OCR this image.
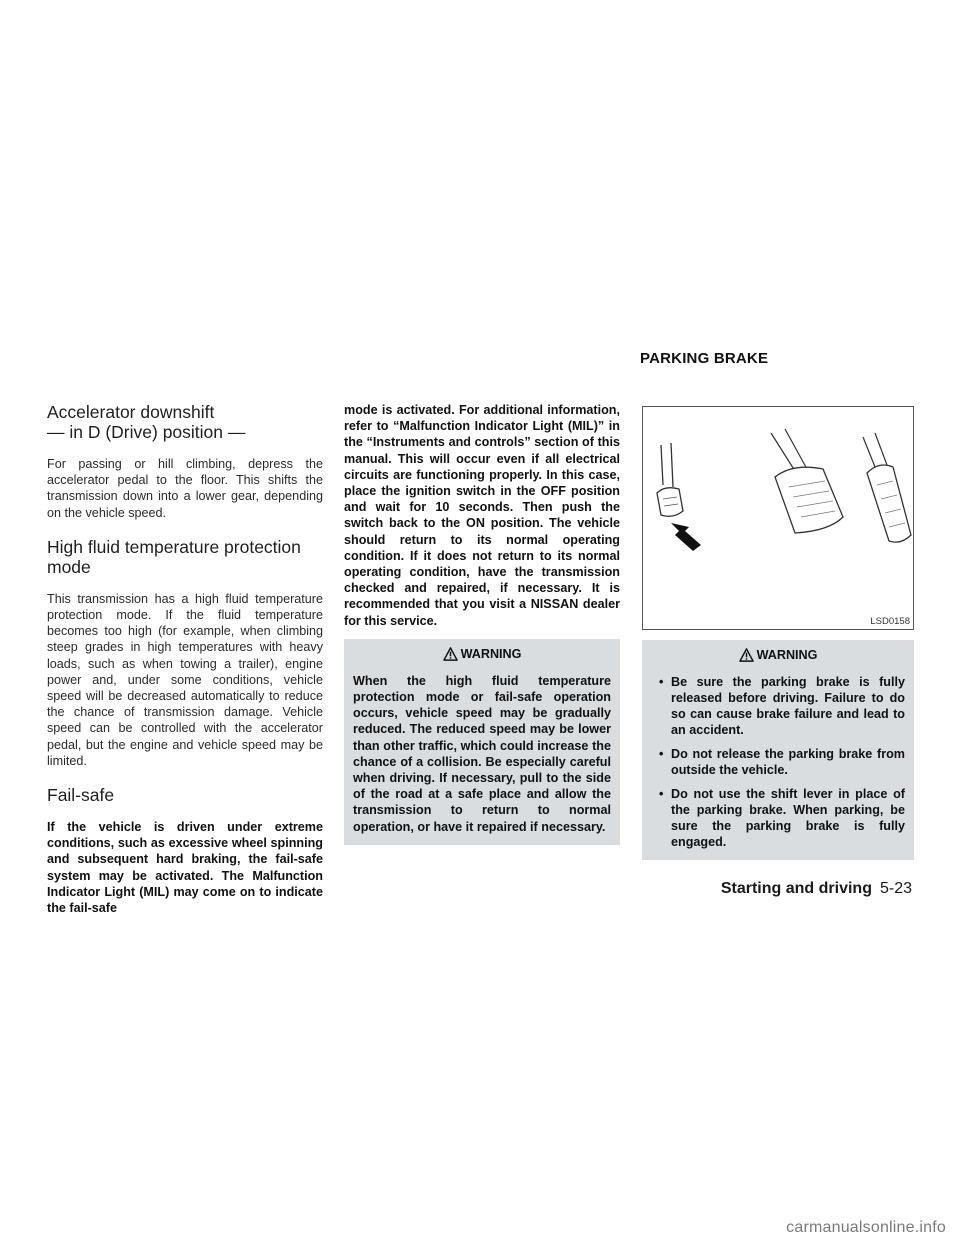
PARKING BRAKE
Accelerator downshift
— in D (Drive) position —

For passing or hill climbing, depress the accelerator pedal to the floor. This shifts the transmission down into a lower gear, depending on the vehicle speed.

High fluid temperature protection
mode

This transmission has a high fluid temperature protection mode. If the fluid temperature becomes too high (for example, when climbing steep grades in high temperatures with heavy loads, such as when towing a trailer), engine power and, under some conditions, vehicle speed will be decreased automatically to reduce the chance of transmission damage. Vehicle speed can be controlled with the accelerator pedal, but the engine and vehicle speed may be limited.

Fail-safe

If the vehicle is driven under extreme conditions, such as excessive wheel spinning and subsequent hard braking, the fail-safe system may be activated. The Malfunction Indicator Light (MIL) may come on to indicate the fail-safe

mode is activated. For additional information, refer to “Malfunction Indicator Light (MIL)” in the “Instruments and controls” section of this manual. This will occur even if all electrical circuits are functioning properly. In this case, place the ignition switch in the OFF position and wait for 10 seconds. Then push the switch back to the ON position. The vehicle should return to its normal operating condition. If it does not return to its normal operating condition, have the transmission checked and repaired, if necessary. It is recommended that you visit a NISSAN dealer for this service.

WARNING

When the high fluid temperature protection mode or fail-safe operation occurs, vehicle speed may be gradually reduced. The reduced speed may be lower than other traffic, which could increase the chance of a collision. Be especially careful when driving. If necessary, pull to the side of the road at a safe place and allow the transmission to return to normal operation, or have it repaired if necessary.

LSD0158
WARNING
• Be sure the parking brake is fully released before driving. Failure to do so can cause brake failure and lead to an accident.
• Do not release the parking brake from outside the vehicle.
• Do not use the shift lever in place of the parking brake. When parking, be sure the parking brake is fully engaged.
Starting and driving 5-23
carmanualsonline.info
